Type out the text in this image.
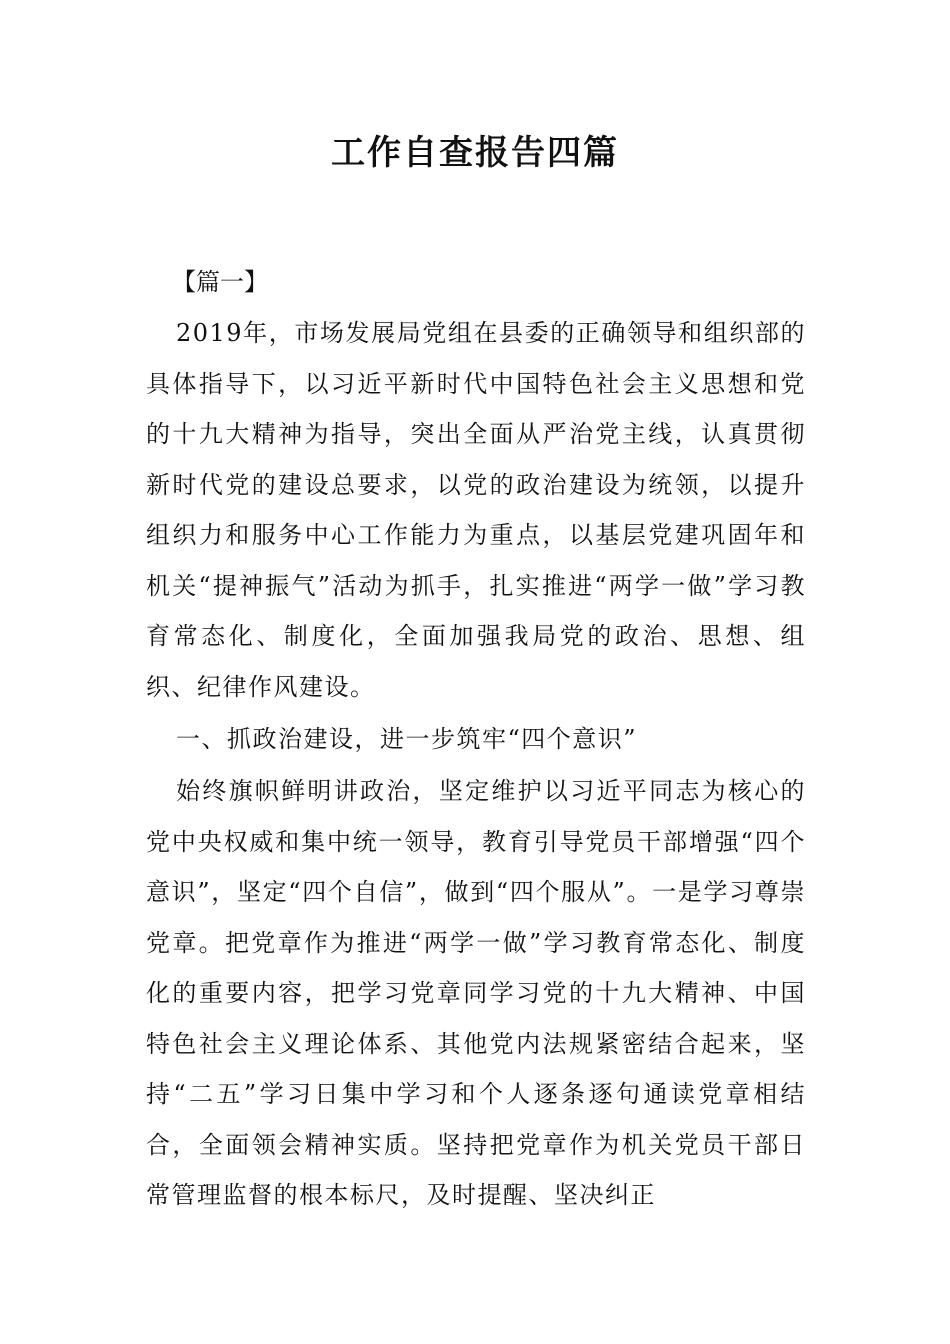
工作自查报告四篇

【篇一】

2019年，市场发展局党组在县委的正确领导和组织部的具体指导下，以习近平新时代中国特色社会主义思想和党的十九大精神为指导，突出全面从严治党主线，认真贯彻新时代党的建设总要求，以党的政治建设为统领，以提升组织力和服务中心工作能力为重点，以基层党建巩固年和机关“提神振气”活动为抓手，扎实推进“两学一做”学习教育常态化、制度化，全面加强我局党的政治、思想、组织、纪律作风建设。

一、抓政治建设，进一步筑牢“四个意识”

始终旗帜鲜明讲政治，坚定维护以习近平同志为核心的党中央权威和集中统一领导，教育引导党员干部增强“四个意识”，坚定“四个自信”，做到“四个服从”。一是学习尊崇党章。把党章作为推进“两学一做”学习教育常态化、制度化的重要内容，把学习党章同学习党的十九大精神、中国特色社会主义理论体系、其他党内法规紧密结合起来，坚持“二五”学习日集中学习和个人逐条逐句通读党章相结合，全面领会精神实质。坚持把党章作为机关党员干部日常管理监督的根本标尺，及时提醒、坚决纠正
